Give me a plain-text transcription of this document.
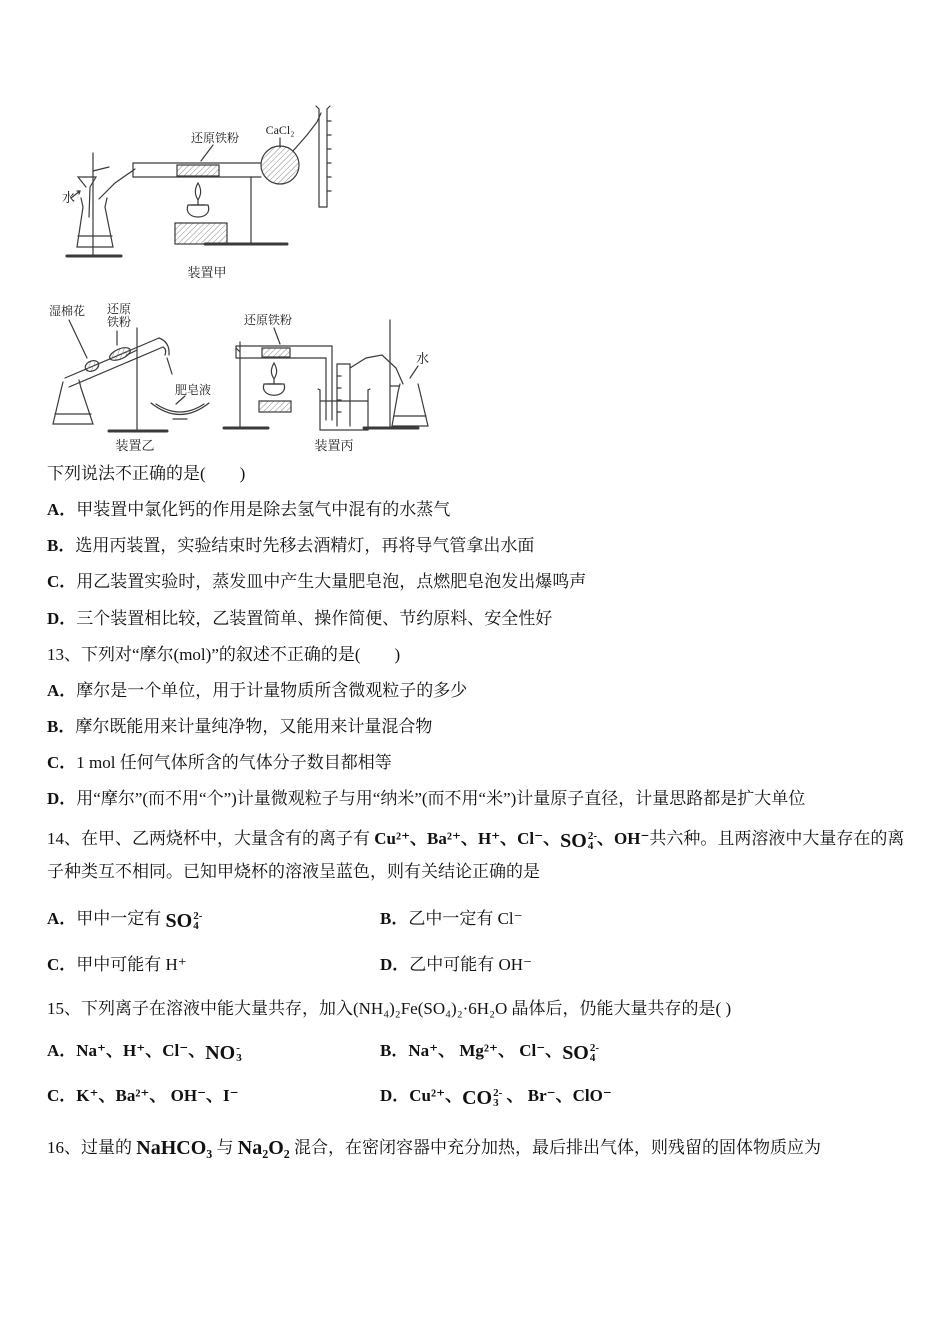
水
还原铁粉
CaCl₂
装置甲
湿棉花 还原
铁粉
肥皂液
装置乙
还原铁粉
水
装置丙
下列说法不正确的是(　　)
A．甲装置中氯化钙的作用是除去氢气中混有的水蒸气
B．选用丙装置，实验结束时先移去酒精灯，再将导气管拿出水面
C．用乙装置实验时，蒸发皿中产生大量肥皂泡，点燃肥皂泡发出爆鸣声
D．三个装置相比较，乙装置简单、操作简便、节约原料、安全性好
13、下列对“摩尔(mol)”的叙述不正确的是(　　)
A．摩尔是一个单位，用于计量物质所含微观粒子的多少
B．摩尔既能用来计量纯净物，又能用来计量混合物
C．1 mol 任何气体所含的气体分子数目都相等
D．用“摩尔”(而不用“个”)计量微观粒子与用“纳米”(而不用“米”)计量原子直径，计量思路都是扩大单位
14、在甲、乙两烧杯中，大量含有的离子有 Cu²⁺、Ba²⁺、H⁺、Cl⁻、 SO 2-
4 、OH⁻共六种。且两溶液中大量存在的离子种类互不相同。已知甲烧杯的溶液呈蓝色，则有关结论正确的是
A．甲中一定有 SO 2-
4	B．乙中一定有 Cl⁻
C．甲中可能有 H⁺	D．乙中可能有 OH⁻
15、下列离子在溶液中能大量共存，加入(NH₄)₂Fe(SO₄)₂·6H₂O 晶体后，仍能大量共存的是( )
A．Na⁺、H⁺、Cl⁻、 NO -
3	B．Na⁺、 Mg²⁺、 Cl⁻、 SO 2-
4
C．K⁺、Ba²⁺、 OH⁻、I⁻	D．Cu²⁺、 CO 2-
3 、 Br⁻、ClO⁻
16、过量的 NaHCO₃ 与 Na₂O₂ 混合，在密闭容器中充分加热，最后排出气体，则残留的固体物质应为
